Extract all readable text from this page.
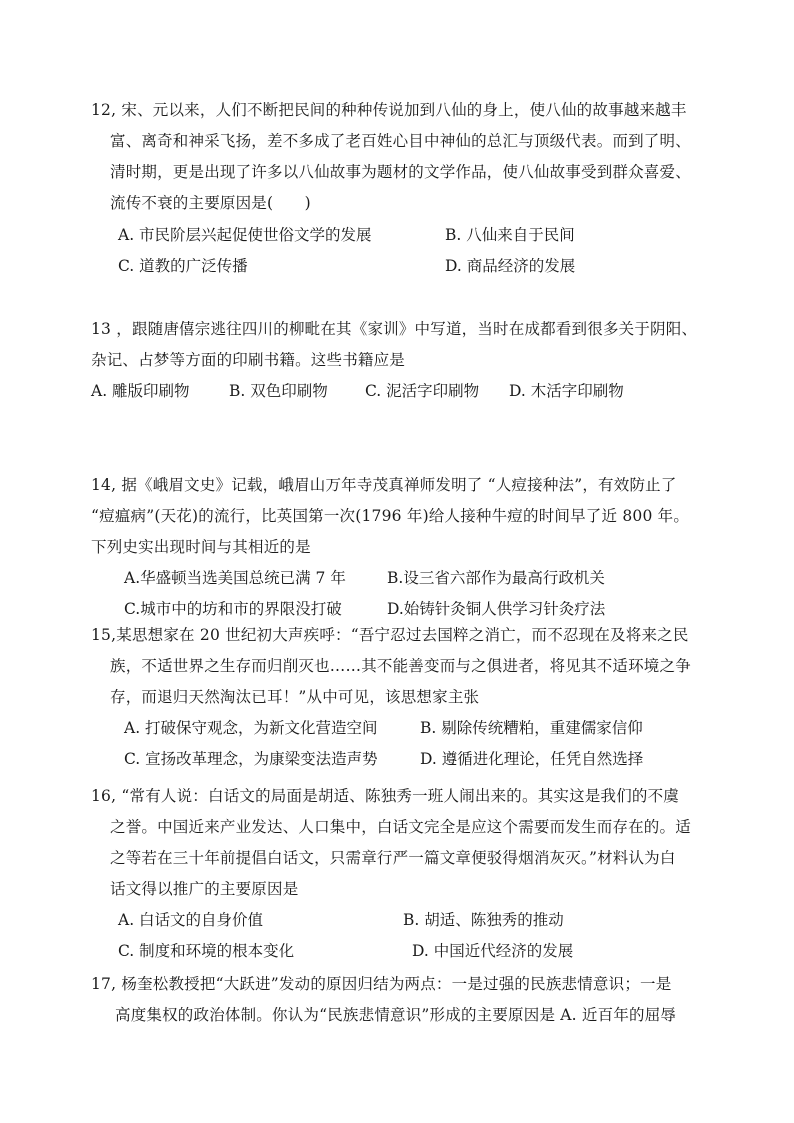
12, 宋、元以来，人们不断把民间的种种传说加到八仙的身上，使八仙的故事越来越丰
富、离奇和神采飞扬，差不多成了老百姓心目中神仙的总汇与顶级代表。而到了明、
清时期，更是出现了许多以八仙故事为题材的文学作品，使八仙故事受到群众喜爱、
流传不衰的主要原因是(　　)
A. 市民阶层兴起促使世俗文学的发展	B. 八仙来自于民间
C. 道教的广泛传播	D. 商品经济的发展
13 ，跟随唐僖宗逃往四川的柳毗在其《家训》中写道，当时在成都看到很多关于阴阳、
杂记、占梦等方面的印刷书籍。这些书籍应是
A. 雕版印刷物	B. 双色印刷物 C. 泥活字印刷物 D. 木活字印刷物
14, 据《峨眉文史》记载，峨眉山万年寺茂真禅师发明了 “人痘接种法”，有效防止了
“痘瘟病”(天花)的流行，比英国第一次(1796 年)给人接种牛痘的时间早了近 800 年。
下列史实出现时间与其相近的是
A.华盛顿当选美国总统已满 7 年	B.设三省六部作为最高行政机关
C.城市中的坊和市的界限没打破	D.始铸针灸铜人供学习针灸疗法
15,某思想家在 20 世纪初大声疾呼：“吾宁忍过去国粹之消亡，而不忍现在及将来之民
族，不适世界之生存而归削灭也……其不能善变而与之俱进者，将见其不适环境之争
存，而退归天然淘汰已耳！”从中可见，该思想家主张
A. 打破保守观念，为新文化营造空间	B. 剔除传统糟粕，重建儒家信仰
C. 宣扬改革理念，为康梁变法造声势	D. 遵循进化理论，任凭自然选择
16, “常有人说：白话文的局面是胡适、陈独秀一班人闹出来的。其实这是我们的不虞
之誉。中国近来产业发达、人口集中，白话文完全是应这个需要而发生而存在的。适
之等若在三十年前提倡白话文，只需章行严一篇文章便驳得烟消灰灭。”材料认为白
话文得以推广的主要原因是
A. 白话文的自身价值	B. 胡适、陈独秀的推动
C. 制度和环境的根本变化	D. 中国近代经济的发展
17, 杨奎松教授把“大跃进”发动的原因归结为两点：一是过强的民族悲情意识；一是
高度集权的政治体制。你认为“民族悲情意识”形成的主要原因是 A. 近百年的屈辱
